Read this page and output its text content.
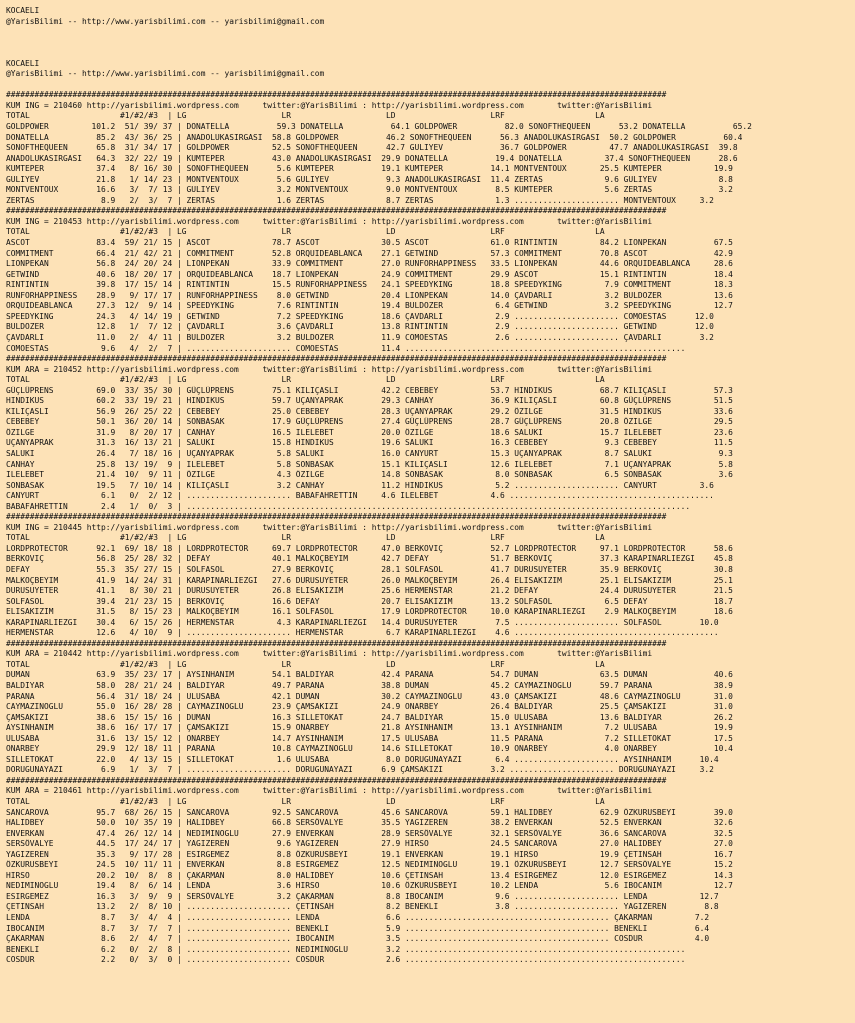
KOCAELI
@YarisBilimi -- http://www.yarisbilimi.com -- yarisbilimi@gmail.com
KOCAELI
@YarisBilimi -- http://www.yarisbilimi.com -- yarisbilimi@gmail.com
###########################################################################################################################################
KUM ING = 210460 http://yarisbilimi.wordpress.com     twitter:@YarisBilimi : http://yarisbilimi.wordpress.com       twitter:@YarisBilimi
TOTAL                   #1/#2/#3  | LG                    LR                    LD                    LRF                   LA
GOLDPOWER         101.2  51/ 39/ 37 | DONATELLA          59.3 DONATELLA          64.1 GOLDPOWER          82.0 SONOFTHEQUEEN      53.2 DONATELLA          65.2
DONATELLA          85.2  43/ 36/ 25 | ANADOLUKASIRGASI  58.8 GOLDPOWER          46.2 SONOFTHEQUEEN      56.3 ANADOLUKASIRGASI  50.2 GOLDPOWER          60.4
SONOFTHEQUEEN      65.8  31/ 34/ 17 | GOLDPOWER         52.5 SONOFTHEQUEEN      42.7 GULIYEV            36.7 GOLDPOWER         47.7 ANADOLUKASIRGASI  39.8
ANADOLUKASIRGASI   64.3  32/ 22/ 19 | KUMTEPER          43.0 ANADOLUKASIRGASI  29.9 DONATELLA          19.4 DONATELLA         37.4 SONOFTHEQUEEN      28.6
KUMTEPER           37.4   8/ 16/ 30 | SONOFTHEQUEEN      5.6 KUMTEPER          19.1 KUMTEPER          14.1 MONTVENTOUX       25.5 KUMTEPER           19.9
GULIYEV            21.8   1/ 14/ 23 | MONTVENTOUX        5.6 GULIYEV            9.3 ANADOLUKASIRGASI  11.4 ZERTAS             9.6 GULIYEV             8.8
MONTVENTOUX        16.6   3/  7/ 13 | GULIYEV            3.2 MONTVENTOUX        9.0 MONTVENTOUX        8.5 KUMTEPER           5.6 ZERTAS              3.2
ZERTAS              8.9   2/  3/  7 | ZERTAS             1.6 ZERTAS             8.7 ZERTAS             1.3 ...................... MONTVENTOUX     3.2
###########################################################################################################################################
KUM ING = 210453 http://yarisbilimi.wordpress.com     twitter:@YarisBilimi : http://yarisbilimi.wordpress.com       twitter:@YarisBilimi
TOTAL                   #1/#2/#3  | LG                    LR                    LD                    LRF                   LA
ASCOT              83.4  59/ 21/ 15 | ASCOT             78.7 ASCOT             30.5 ASCOT             61.0 RINTINTIN         84.2 LIONPEKAN          67.5
COMMITMENT         66.4  21/ 42/ 21 | COMMITMENT        52.8 ORQUIDEABLANCA    27.1 GETWIND           57.3 COMMITMENT        70.8 ASCOT              42.9
LIONPEKAN          56.8  24/ 20/ 24 | LIONPEKAN         33.9 COMMITMENT        27.0 RUNFORHAPPINESS   33.5 LIONPEKAN         44.6 ORQUIDEABLANCA     28.6
GETWIND            40.6  18/ 20/ 17 | ORQUIDEABLANCA    18.7 LIONPEKAN         24.9 COMMITMENT        29.9 ASCOT             15.1 RINTINTIN          18.4
RINTINTIN          39.8  17/ 15/ 14 | RINTINTIN         15.5 RUNFORHAPPINESS   24.1 SPEEDYKING        18.8 SPEEDYKING         7.9 COMMITMENT         18.3
RUNFORHAPPINESS    28.9   9/ 17/ 17 | RUNFORHAPPINESS    8.0 GETWIND           20.4 LIONPEKAN         14.0 ÇAVDARLI           3.2 BULDOZER           13.6
ORQUIDEABLANCA     27.3  12/  9/ 14 | SPEEDYKING         7.6 RINTINTIN         19.4 BULDOZER           6.4 GETWIND            3.2 SPEEDYKING         12.7
SPEEDYKING         24.3   4/ 14/ 19 | GETWIND            7.2 SPEEDYKING        18.6 ÇAVDARLI           2.9 ...................... COMOESTAS      12.0
BULDOZER           12.8   1/  7/ 12 | ÇAVDARLI           3.6 ÇAVDARLI          13.8 RINTINTIN          2.9 ...................... GETWIND        12.0
ÇAVDARLI           11.0   2/  4/ 11 | BULDOZER           3.2 BULDOZER          11.9 COMOESTAS          2.6 ...................... ÇAVDARLI        3.2
COMOESTAS           9.6   4/  2/  7 | ...................... COMOESTAS         11.4 ...........................................................
###########################################################################################################################################
KUM ARA = 210452 http://yarisbilimi.wordpress.com     twitter:@YarisBilimi : http://yarisbilimi.wordpress.com       twitter:@YarisBilimi
TOTAL                   #1/#2/#3  | LG                    LR                    LD                    LRF                   LA
GÜÇLÜPRENS         69.0  33/ 35/ 30 | GÜÇLÜPRENS        75.1 KILIÇASLI         42.2 CEBEBEY           53.7 HINDIKUS          68.7 KILIÇASLI          57.3
HINDIKUS           60.2  33/ 19/ 21 | HINDIKUS          59.7 UÇANYAPRAK        29.3 CANHAY            36.9 KILIÇASLI         60.8 GÜÇLÜPRENS         51.5
KILIÇASLI          56.9  26/ 25/ 22 | CEBEBEY           25.0 CEBEBEY           28.3 UÇANYAPRAK        29.2 ÖZILGE            31.5 HINDIKUS           33.6
CEBEBEY            50.1  36/ 20/ 14 | SONBASAK          17.9 GÜÇLÜPRENS        27.4 GÜÇLÜPRENS        28.7 GÜÇLÜPRENS        20.8 ÖZILGE             29.5
ÖZILGE             31.9   8/ 20/ 17 | CANHAY            16.5 ILELEBET          20.0 ÖZILGE            18.6 SALUKI            15.7 ILELEBET           23.6
UÇANYAPRAK         31.3  16/ 13/ 21 | SALUKI            15.8 HINDIKUS          19.6 SALUKI            16.3 CEBEBEY            9.3 CEBEBEY            11.5
SALUKI             26.4   7/ 18/ 16 | UÇANYAPRAK         5.8 SALUKI            16.0 CANYURT           15.3 UÇANYAPRAK         8.7 SALUKI              9.3
CANHAY             25.8  13/ 19/  9 | ILELEBET           5.8 SONBASAK          15.1 KILIÇASLI         12.6 ILELEBET           7.1 UÇANYAPRAK          5.8
ILELEBET           21.4  10/  9/ 11 | ÖZILGE             4.3 ÖZILGE            14.8 SONBASAK           8.0 SONBASAK           6.5 SONBASAK            3.6
SONBASAK           19.5   7/ 10/ 14 | KILIÇASLI          3.2 CANHAY            11.2 HINDIKUS           5.2 ...................... CANYURT         3.6
CANYURT             6.1   0/  2/ 12 | ...................... BABAFAHRETTIN     4.6 ILELEBET           4.6 ...........................................
BABAFAHRETTIN       2.4   1/  0/  3 | ..........................................................................................................
###########################################################################################################################################
KUM ING = 210445 http://yarisbilimi.wordpress.com     twitter:@YarisBilimi : http://yarisbilimi.wordpress.com       twitter:@YarisBilimi
TOTAL                   #1/#2/#3  | LG                    LR                    LD                    LRF                   LA
LORDPROTECTOR      92.1  69/ 18/ 18 | LORDPROTECTOR     69.7 LORDPROTECTOR     47.0 BERKOVIÇ          52.7 LORDPROTECTOR     97.1 LORDPROTECTOR      58.6
BERKOVIÇ           56.8  25/ 28/ 32 | DEFAY             40.1 MALKOÇBEYIM       42.7 DEFAY             51.7 BERKOVIÇ          37.3 KARAPINARLIEZGI    45.8
DEFAY              55.3  35/ 27/ 15 | SOLFASOL          27.9 BERKOVIÇ          28.1 SOLFASOL          41.7 DURUSUYETER       35.9 BERKOVIÇ           30.8
MALKOÇBEYIM        41.9  14/ 24/ 31 | KARAPINARLIEZGI   27.6 DURUSUYETER       26.0 MALKOÇBEYIM       26.4 ELISAKIZIM        25.1 ELISAKIZIM         25.1
DURUSUYETER        41.1   8/ 30/ 21 | DURUSUYETER       26.8 ELISAKIZIM        25.6 HERMENSTAR        21.2 DEFAY             24.4 DURUSUYETER        21.5
SOLFASOL           39.4  21/ 23/ 15 | BERKOVIÇ          16.6 DEFAY             20.7 ELISAKIZIM        13.2 SOLFASOL           6.5 DEFAY              18.7
ELISAKIZIM         31.5   8/ 15/ 23 | MALKOÇBEYIM       16.1 SOLFASOL          17.9 LORDPROTECTOR     10.0 KARAPINARLIEZGI    2.9 MALKOÇBEYIM        18.6
KARAPINARLIEZGI    30.4   6/ 15/ 26 | HERMENSTAR         4.3 KARAPINARLIEZGI   14.4 DURUSUYETER        7.5 ...................... SOLFASOL        10.0
HERMENSTAR         12.6   4/ 10/  9 | ...................... HERMENSTAR         6.7 KARAPINARLIEZGI    4.6 ...........................................
###########################################################################################################################################
KUM ARA = 210442 http://yarisbilimi.wordpress.com     twitter:@YarisBilimi : http://yarisbilimi.wordpress.com       twitter:@YarisBilimi
TOTAL                   #1/#2/#3  | LG                    LR                    LD                    LRF                   LA
DUMAN              63.9  35/ 23/ 17 | AYSINHANIM        54.1 BALDIYAR          42.4 PARANA            54.7 DUMAN             63.5 DUMAN              40.6
BALDIYAR           58.0  28/ 21/ 24 | BALDIYAR          49.7 PARANA            38.8 DUMAN             45.2 CAYMAZINOGLU      59.7 PARANA             38.9
PARANA             56.4  31/ 18/ 24 | ULUSABA           42.1 DUMAN             30.2 CAYMAZINOGLU      43.0 ÇAMSAKIZI         48.6 CAYMAZINOGLU       31.0
CAYMAZINOGLU       55.0  16/ 28/ 28 | CAYMAZINOGLU      23.9 ÇAMSAKIZI         24.9 ONARBEY           26.4 BALDIYAR          25.5 ÇAMSAKIZI          31.0
ÇAMSAKIZI          38.6  15/ 15/ 16 | DUMAN             16.3 SILLETOKAT        24.7 BALDIYAR          15.0 ULUSABA           13.6 BALDIYAR           26.2
AYSINHANIM         38.6  16/ 17/ 17 | ÇAMSAKIZI         15.9 ONARBEY           21.8 AYSINHANIM        13.1 AYSINHANIM         7.2 ULUSABA            19.9
ULUSABA            31.6  13/ 15/ 12 | ONARBEY           14.7 AYSINHANIM        17.5 ULUSABA           11.5 PARANA             7.2 SILLETOKAT         17.5
ONARBEY            29.9  12/ 18/ 11 | PARANA            10.8 CAYMAZINOGLU      14.6 SILLETOKAT        10.9 ONARBEY            4.0 ONARBEY            10.4
SILLETOKAT         22.0   4/ 13/ 15 | SILLETOKAT         1.6 ULUSABA            8.0 DORUGUNAYAZI       6.4 ...................... AYSINHANIM      10.4
DORUGUNAYAZI        6.9   1/  3/  7 | ...................... DORUGUNAYAZI      6.9 ÇAMSAKIZI          3.2 ...................... DORUGUNAYAZI     3.2
###########################################################################################################################################
KUM ARA = 210461 http://yarisbilimi.wordpress.com     twitter:@YarisBilimi : http://yarisbilimi.wordpress.com       twitter:@YarisBilimi
TOTAL                   #1/#2/#3  | LG                    LR                    LD                    LRF                   LA
SANCAROVA          95.7  68/ 26/ 15 | SANCAROVA         92.5 SANCAROVA         45.6 SANCAROVA         59.1 HALIDBEY          62.9 ÖZKURUSBEYI        39.0
HALIDBEY           50.0  10/ 35/ 19 | HALIDBEY          66.8 SERSÖVALYE        35.5 YAGIZEREN         38.2 ENVERKAN          52.5 ENVERKAN           32.6
ENVERKAN           47.4  26/ 12/ 14 | NEDIMINOGLU       27.9 ENVERKAN          28.9 SERSÖVALYE        32.1 SERSÖVALYE        36.6 SANCAROVA          32.5
SERSÖVALYE         44.5  17/ 24/ 17 | YAGIZEREN          9.6 YAGIZEREN         27.9 HIRSO             24.5 SANCAROVA         27.0 HALIDBEY           27.0
YAGIZEREN          35.3   9/ 17/ 28 | ESIRGEMEZ          8.8 ÖZKURUSBEYI       19.1 ENVERKAN          19.1 HIRSO             19.9 ÇETINSAH           16.7
ÖZKURUSBEYI        24.5  10/ 11/ 11 | ENVERKAN           8.8 ESIRGEMEZ         12.5 NEDIMINOGLU       19.1 ÖZKURUSBEYI       12.7 SERSÖVALYE         15.2
HIRSO              20.2  10/  8/  8 | ÇAKARMAN           8.0 HALIDBEY          10.6 ÇETINSAH          13.4 ESIRGEMEZ         12.0 ESIRGEMEZ          14.3
NEDIMINOGLU        19.4   8/  6/ 14 | LENDA              3.6 HIRSO             10.6 ÖZKURUSBEYI       10.2 LENDA              5.6 IBOCANIM           12.7
ESIRGEMEZ          16.3   3/  9/  9 | SERSÖVALYE         3.2 ÇAKARMAN           8.8 IBOCANIM           9.6 ...................... LENDA           12.7
ÇETINSAH           13.2   2/  8/ 10 | ...................... ÇETINSAH           8.2 BENEKLI            3.8 ...................... YAGIZEREN        8.8
LENDA               8.7   3/  4/  4 | ...................... LENDA              6.6 ........................................... ÇAKARMAN         7.2
IBOCANIM            8.7   3/  7/  7 | ...................... BENEKLI            5.9 ........................................... BENEKLI          6.4
ÇAKARMAN            8.6   2/  4/  7 | ...................... IBOCANIM           3.5 ........................................... COSDUR           4.0
BENEKLI             6.2   0/  2/  8 | ...................... NEDIMINOGLU        3.2 ...........................................................
COSDUR              2.2   0/  3/  0 | ...................... COSDUR             2.6 ...........................................................
